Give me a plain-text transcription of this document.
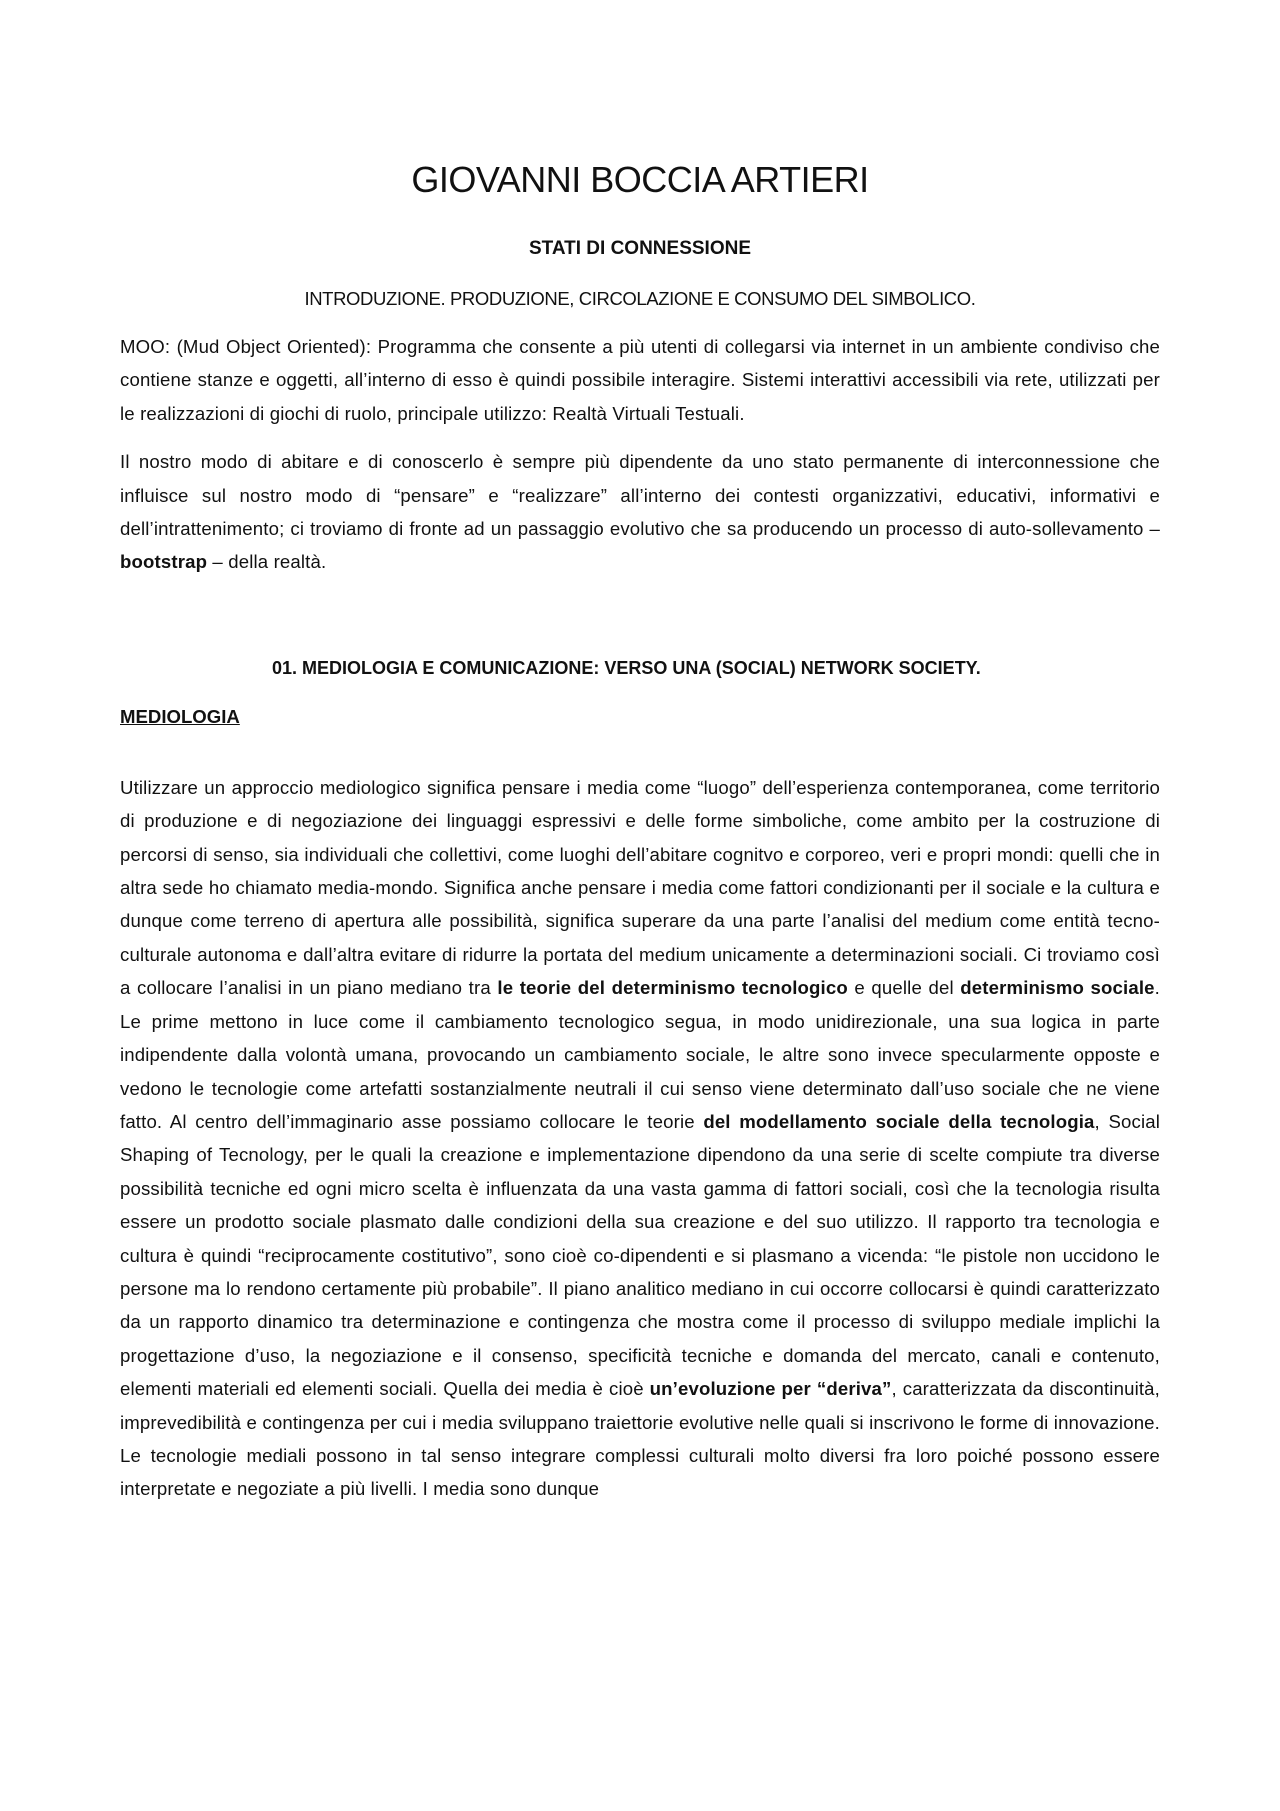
GIOVANNI BOCCIA ARTIERI
STATI DI CONNESSIONE
INTRODUZIONE. PRODUZIONE, CIRCOLAZIONE E CONSUMO DEL SIMBOLICO.

MOO: (Mud Object Oriented): Programma che consente a più utenti di collegarsi via internet in un ambiente condiviso che contiene stanze e oggetti, all’interno di esso è quindi possibile interagire. Sistemi interattivi accessibili via rete, utilizzati per le realizzazioni di giochi di ruolo, principale utilizzo: Realtà Virtuali Testuali.

Il nostro modo di abitare e di conoscerlo è sempre più dipendente da uno stato permanente di interconnessione che influisce sul nostro modo di “pensare” e “realizzare” all’interno dei contesti organizzativi, educativi, informativi e dell’intrattenimento; ci troviamo di fronte ad un passaggio evolutivo che sa producendo un processo di auto-sollevamento – bootstrap – della realtà.

01. MEDIOLOGIA E COMUNICAZIONE: VERSO UNA (SOCIAL) NETWORK SOCIETY.
MEDIOLOGIA

Utilizzare un approccio mediologico significa pensare i media come “luogo” dell’esperienza contemporanea, come territorio di produzione e di negoziazione dei linguaggi espressivi e delle forme simboliche, come ambito per la costruzione di percorsi di senso, sia individuali che collettivi, come luoghi dell’abitare cognitvo e corporeo, veri e propri mondi: quelli che in altra sede ho chiamato media-mondo. Significa anche pensare i media come fattori condizionanti per il sociale e la cultura e dunque come terreno di apertura alle possibilità, significa superare da una parte l’analisi del medium come entità tecno-culturale autonoma e dall’altra evitare di ridurre la portata del medium unicamente a determinazioni sociali. Ci troviamo così a collocare l’analisi in un piano mediano tra le teorie del determinismo tecnologico e quelle del determinismo sociale. Le prime mettono in luce come il cambiamento tecnologico segua, in modo unidirezionale, una sua logica in parte indipendente dalla volontà umana, provocando un cambiamento sociale, le altre sono invece specularmente opposte e vedono le tecnologie come artefatti sostanzialmente neutrali il cui senso viene determinato dall’uso sociale che ne viene fatto. Al centro dell’immaginario asse possiamo collocare le teorie del modellamento sociale della tecnologia, Social Shaping of Tecnology, per le quali la creazione e implementazione dipendono da una serie di scelte compiute tra diverse possibilità tecniche ed ogni micro scelta è influenzata da una vasta gamma di fattori sociali, così che la tecnologia risulta essere un prodotto sociale plasmato dalle condizioni della sua creazione e del suo utilizzo. Il rapporto tra tecnologia e cultura è quindi “reciprocamente costitutivo”, sono cioè co-dipendenti e si plasmano a vicenda: “le pistole non uccidono le persone ma lo rendono certamente più probabile”. Il piano analitico mediano in cui occorre collocarsi è quindi caratterizzato da un rapporto dinamico tra determinazione e contingenza che mostra come il processo di sviluppo mediale implichi la progettazione d’uso, la negoziazione e il consenso, specificità tecniche e domanda del mercato, canali e contenuto, elementi materiali ed elementi sociali. Quella dei media è cioè un’evoluzione per “deriva”, caratterizzata da discontinuità, imprevedibilità e contingenza per cui i media sviluppano traiettorie evolutive nelle quali si inscrivono le forme di innovazione. Le tecnologie mediali possono in tal senso integrare complessi culturali molto diversi fra loro poiché possono essere interpretate e negoziate a più livelli. I media sono dunque
